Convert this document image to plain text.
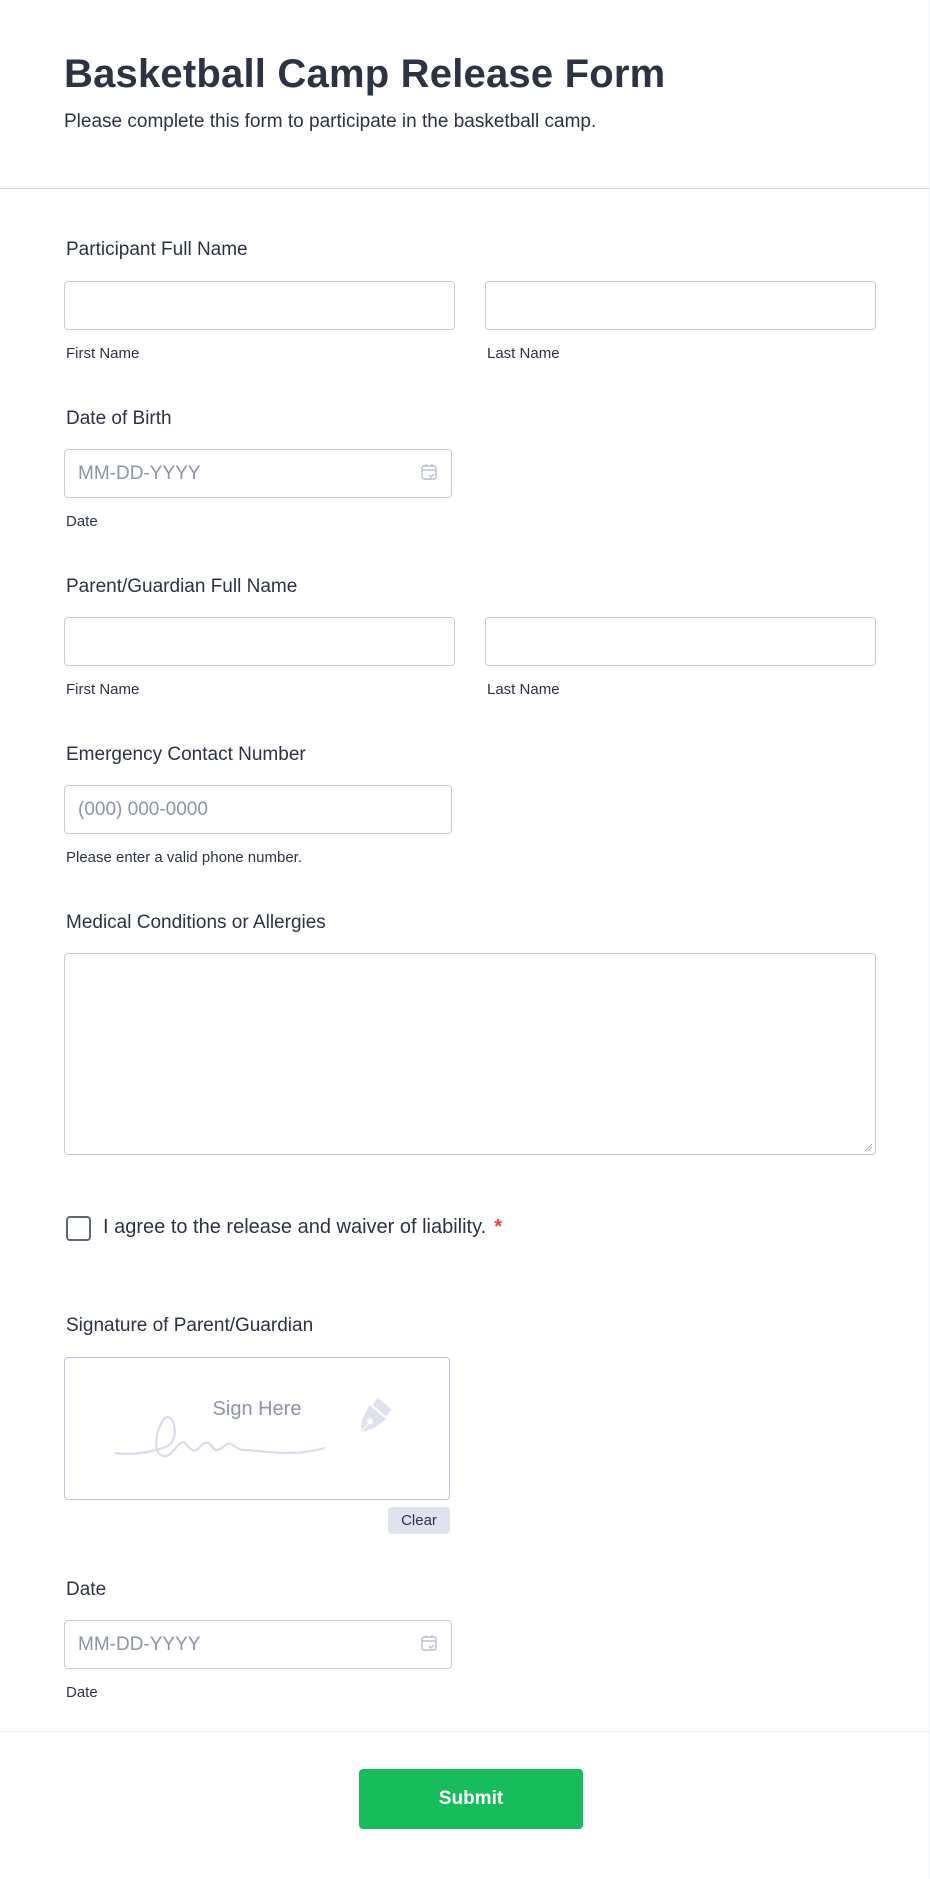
Basketball Camp Release Form

Please complete this form to participate in the basketball camp.

Participant Full Name
First Name	Last Name
Date of Birth
MM-DD-YYYY
Date
Parent/Guardian Full Name
First Name	Last Name
Emergency Contact Number
(000) 000-0000
Please enter a valid phone number.
Medical Conditions or Allergies
I agree to the release and waiver of liability. *
Signature of Parent/Guardian
Sign Here
Clear
Date
MM-DD-YYYY
Date
Submit
